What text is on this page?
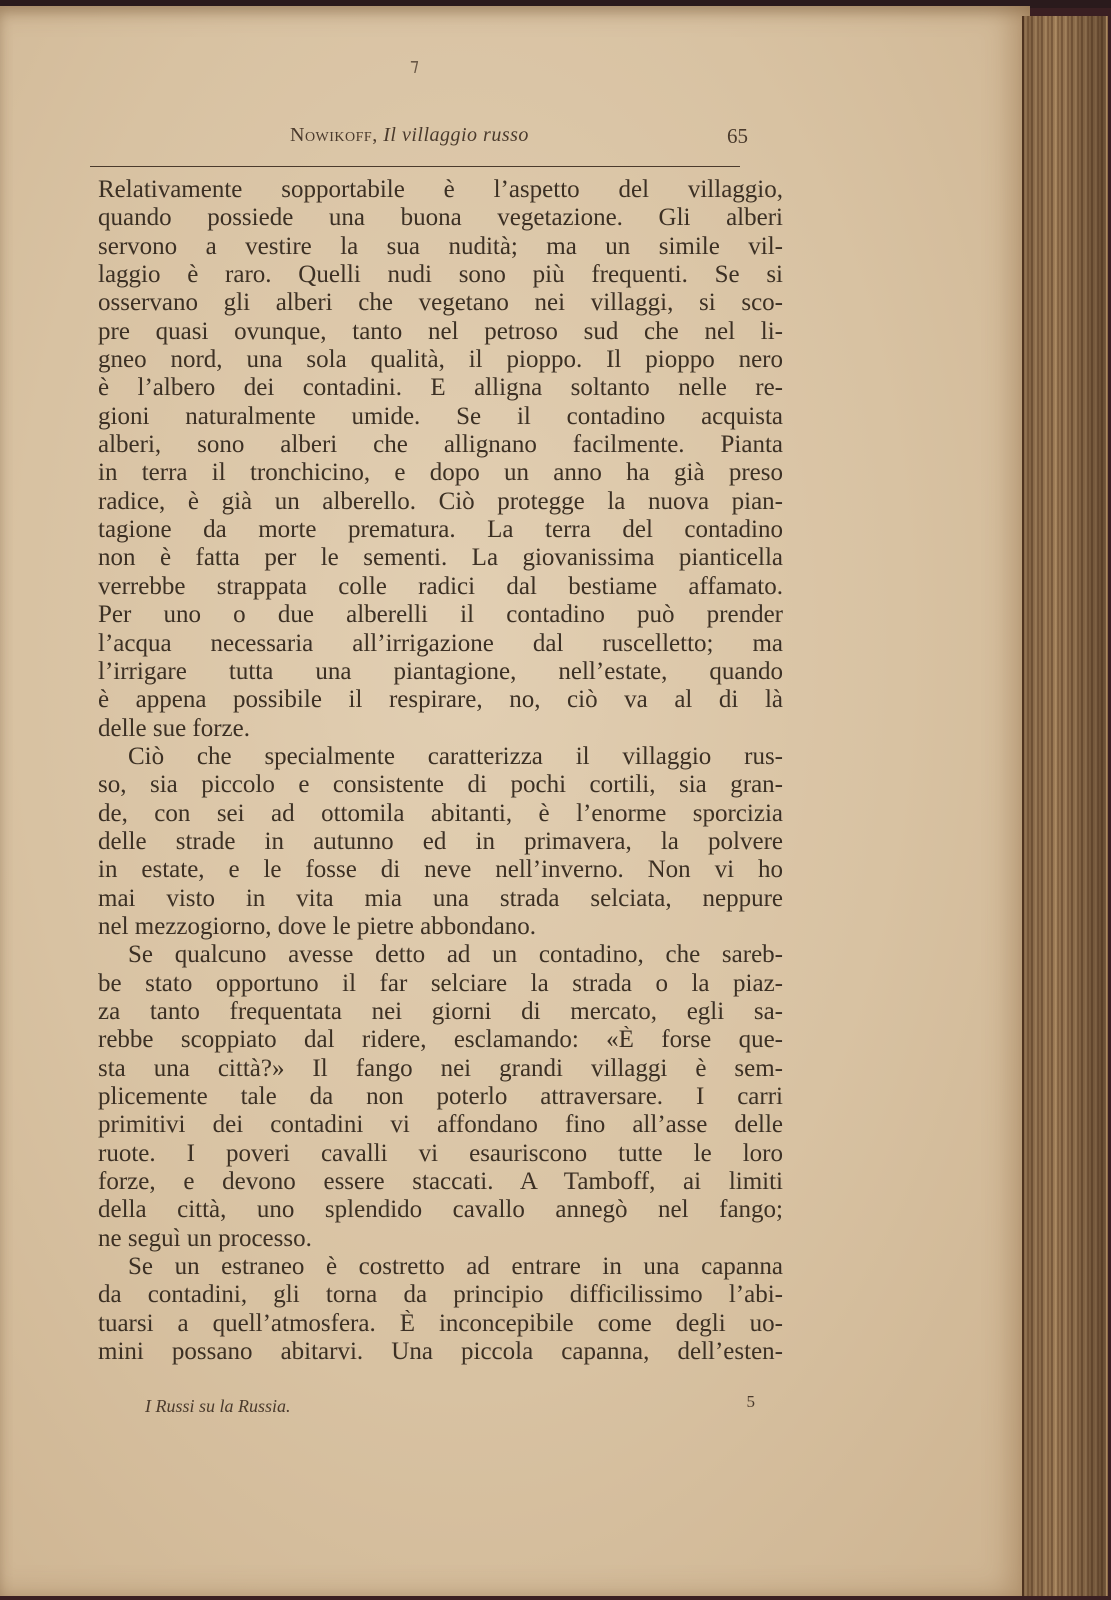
⁊
Nowikoff, Il villaggio russo	65
Relativamente sopportabile è l’aspetto del villaggio,
quando possiede una buona vegetazione. Gli alberi
servono a vestire la sua nudità; ma un simile vil-
laggio è raro. Quelli nudi sono più frequenti. Se si
osservano gli alberi che vegetano nei villaggi, si sco-
pre quasi ovunque, tanto nel petroso sud che nel li-
gneo nord, una sola qualità, il pioppo. Il pioppo nero
è l’albero dei contadini. E alligna soltanto nelle re-
gioni naturalmente umide. Se il contadino acquista
alberi, sono alberi che allignano facilmente. Pianta
in terra il tronchicino, e dopo un anno ha già preso
radice, è già un alberello. Ciò protegge la nuova pian-
tagione da morte prematura. La terra del contadino
non è fatta per le sementi. La giovanissima pianticella
verrebbe strappata colle radici dal bestiame affamato.
Per uno o due alberelli il contadino può prender
l’acqua necessaria all’irrigazione dal ruscelletto; ma
l’irrigare tutta una piantagione, nell’estate, quando
è appena possibile il respirare, no, ciò va al di là
delle sue forze.
Ciò che specialmente caratterizza il villaggio rus-
so, sia piccolo e consistente di pochi cortili, sia gran-
de, con sei ad ottomila abitanti, è l’enorme sporcizia
delle strade in autunno ed in primavera, la polvere
in estate, e le fosse di neve nell’inverno. Non vi ho
mai visto in vita mia una strada selciata, neppure
nel mezzogiorno, dove le pietre abbondano.
Se qualcuno avesse detto ad un contadino, che sareb-
be stato opportuno il far selciare la strada o la piaz-
za tanto frequentata nei giorni di mercato, egli sa-
rebbe scoppiato dal ridere, esclamando: «È forse que-
sta una città?» Il fango nei grandi villaggi è sem-
plicemente tale da non poterlo attraversare. I carri
primitivi dei contadini vi affondano fino all’asse delle
ruote. I poveri cavalli vi esauriscono tutte le loro
forze, e devono essere staccati. A Tamboff, ai limiti
della città, uno splendido cavallo annegò nel fango;
ne seguì un processo.
Se un estraneo è costretto ad entrare in una capanna
da contadini, gli torna da principio difficilissimo l’abi-
tuarsi a quell’atmosfera. È inconcepibile come degli uo-
mini possano abitarvi. Una piccola capanna, dell’esten-
I Russi su la Russia.	5
